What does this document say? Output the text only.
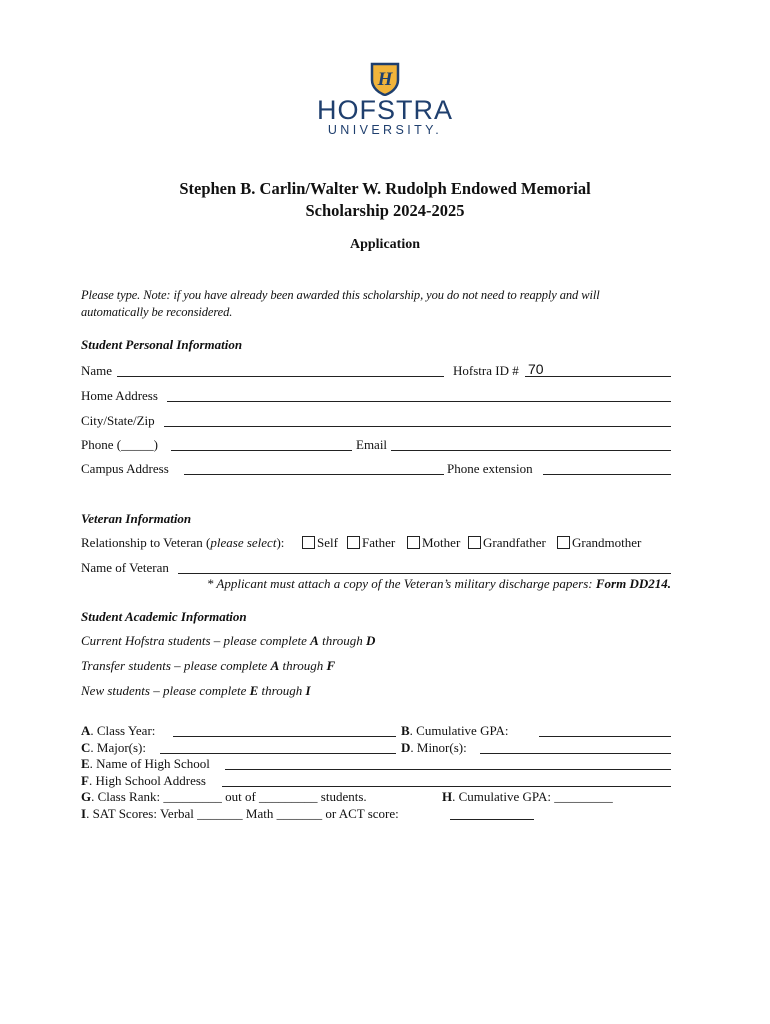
H
HOFSTRA
UNIVERSITY.
Stephen B. Carlin/Walter W. Rudolph Endowed Memorial
Scholarship 2024-2025
Application
Please type. Note: if you have already been awarded this scholarship, you do not need to reapply and will
automatically be reconsidered.
Student Personal Information
Name	Hofstra ID # 70
Home Address
City/State/Zip
Phone (_____)	Email
Campus Address	Phone extension
Veteran Information
Relationship to Veteran (please select):	Self Father Mother Grandfather Grandmother
Name of Veteran
* Applicant must attach a copy of the Veteran’s military discharge papers: Form DD214.
Student Academic Information
Current Hofstra students – please complete A through D
Transfer students – please complete A through F
New students – please complete E through I
A. Class Year:	B. Cumulative GPA:
C. Major(s):	D. Minor(s):
E. Name of High School
F. High School Address
G. Class Rank: _________ out of _________ students.	H. Cumulative GPA: _________
I. SAT Scores: Verbal _______ Math _______ or ACT score:
